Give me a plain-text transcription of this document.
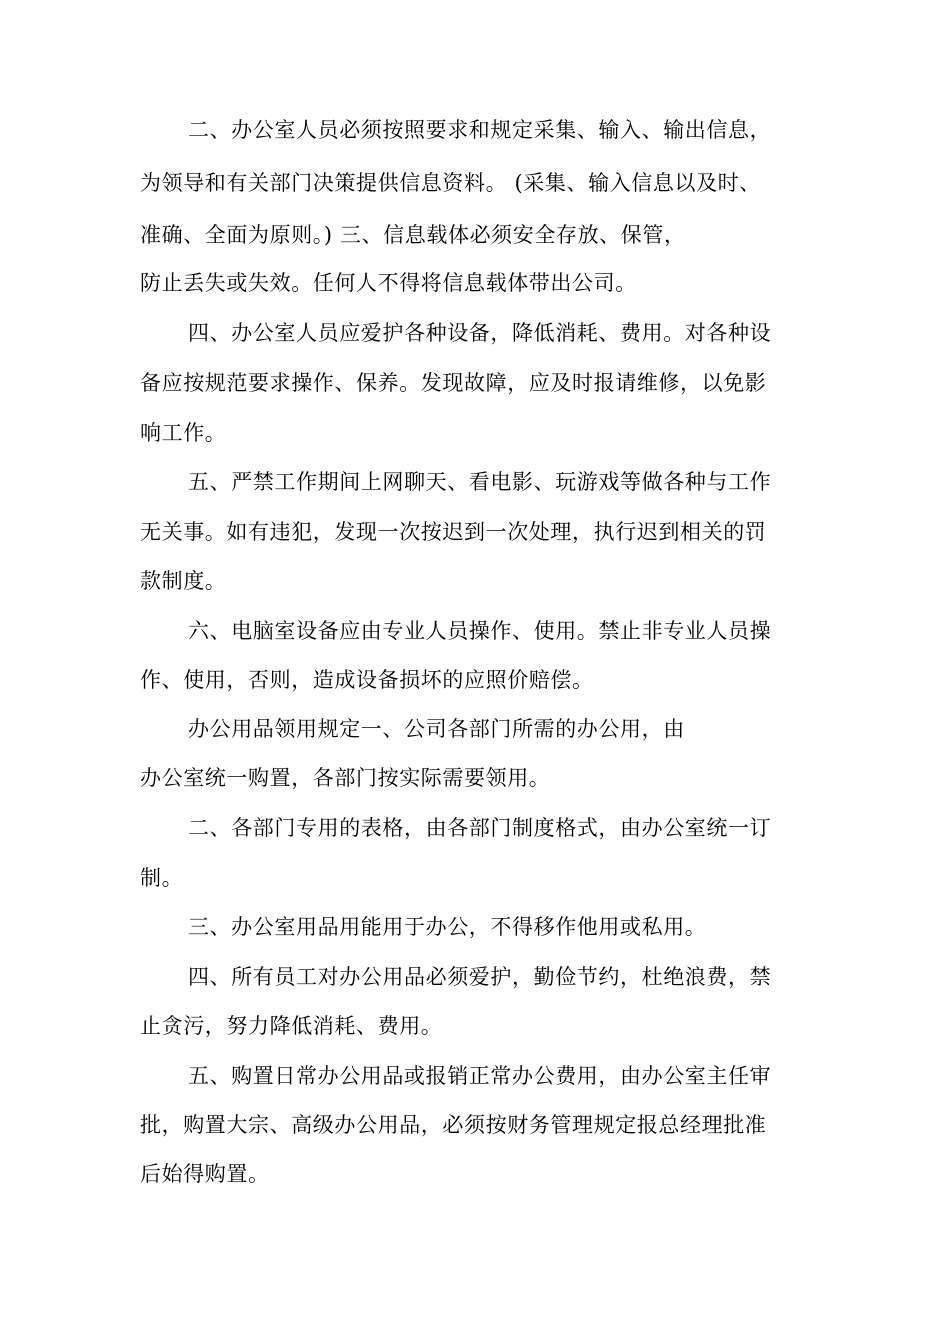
二、办公室人员必须按照要求和规定采集、输入、输出信息，
为领导和有关部门决策提供信息资料。 (采集、输入信息以及时、
准确、全面为原则。) 三、信息载体必须安全存放、保管，
防止丢失或失效。任何人不得将信息载体带出公司。
四、办公室人员应爱护各种设备，降低消耗、费用。对各种设
备应按规范要求操作、保养。发现故障，应及时报请维修，以免影
响工作。
五、严禁工作期间上网聊天、看电影、玩游戏等做各种与工作
无关事。如有违犯，发现一次按迟到一次处理，执行迟到相关的罚
款制度。
六、电脑室设备应由专业人员操作、使用。禁止非专业人员操
作、使用，否则，造成设备损坏的应照价赔偿。
办公用品领用规定一、公司各部门所需的办公用，由
办公室统一购置，各部门按实际需要领用。
二、各部门专用的表格，由各部门制度格式，由办公室统一订
制。
三、办公室用品用能用于办公，不得移作他用或私用。
四、所有员工对办公用品必须爱护，勤俭节约，杜绝浪费，禁
止贪污，努力降低消耗、费用。
五、购置日常办公用品或报销正常办公费用，由办公室主任审
批，购置大宗、高级办公用品，必须按财务管理规定报总经理批准
后始得购置。
